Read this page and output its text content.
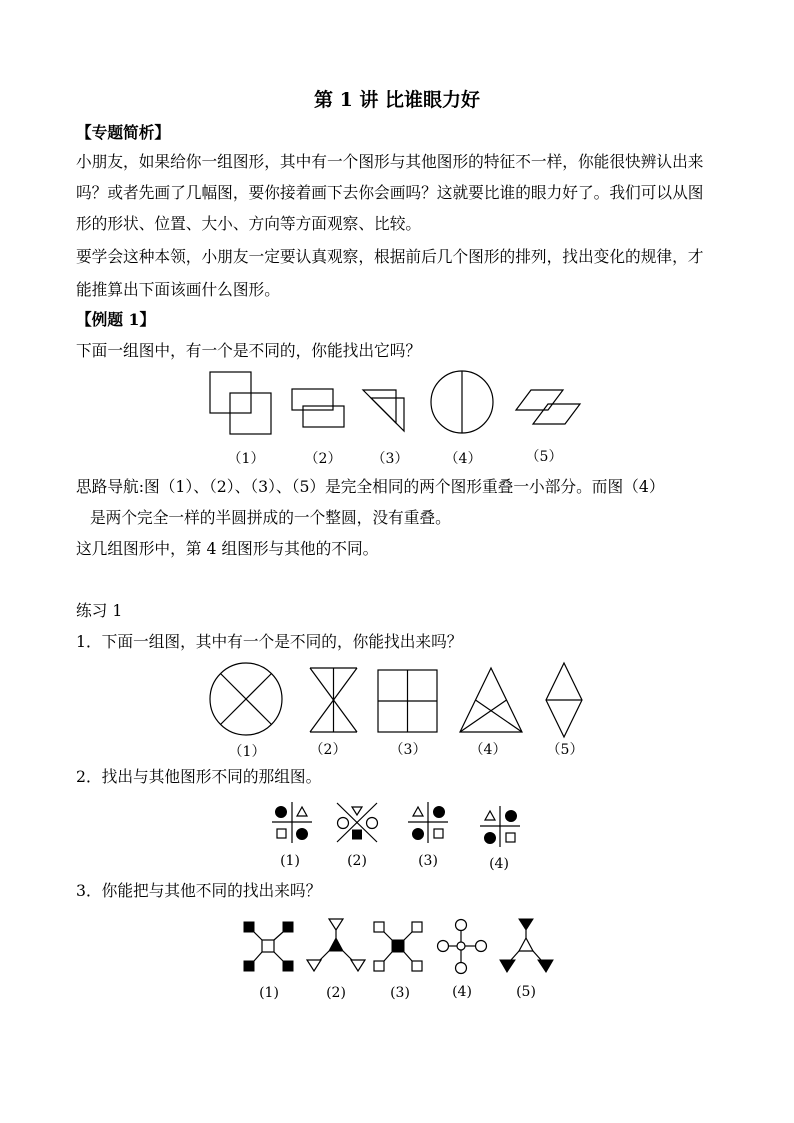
第 1 讲 比谁眼力好
【专题简析】
小朋友，如果给你一组图形，其中有一个图形与其他图形的特征不一样，你能很快辨认出来
吗？或者先画了几幅图，要你接着画下去你会画吗？这就要比谁的眼力好了。我们可以从图
形的形状、位置、大小、方向等方面观察、比较。
要学会这种本领，小朋友一定要认真观察，根据前后几个图形的排列，找出变化的规律，才
能推算出下面该画什么图形。
【例题 1】
下面一组图中，有一个是不同的，你能找出它吗？
思路导航:图（1）、（2）、（3）、（5）是完全相同的两个图形重叠一小部分。而图（4）
是两个完全一样的半圆拼成的一个整圆，没有重叠。
这几组图形中，第 4 组图形与其他的不同。
练习 1
1．下面一组图，其中有一个是不同的，你能找出来吗？
2．找出与其他图形不同的那组图。
3．你能把与其他不同的找出来吗？
（1）	（2） （3）	（4）	（5）
（1）	（2）	（3）	（4）	（5）
(1)	(2)	(3)	(4)
(1)	(2)	(3)	(4)	(5)
